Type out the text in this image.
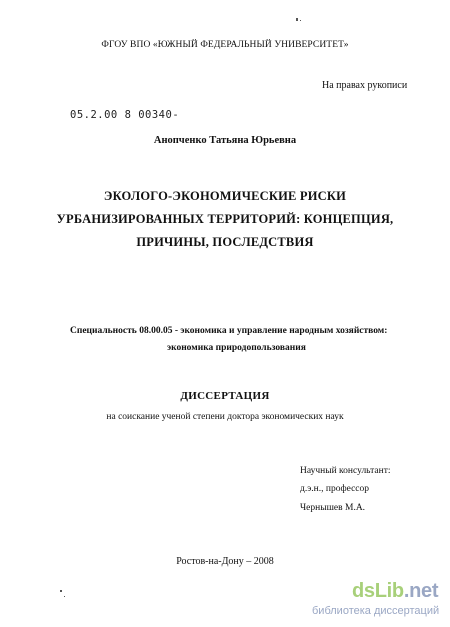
ФГОУ ВПО «ЮЖНЫЙ ФЕДЕРАЛЬНЫЙ УНИВЕРСИТЕТ»
На правах рукописи
05.2.00 8 00340-
Анопченко Татьяна Юрьевна
ЭКОЛОГО-ЭКОНОМИЧЕСКИЕ РИСКИ
УРБАНИЗИРОВАННЫХ ТЕРРИТОРИЙ: КОНЦЕПЦИЯ,
ПРИЧИНЫ, ПОСЛЕДСТВИЯ
Специальность 08.00.05 - экономика и управление народным хозяйством:
экономика природопользования
ДИССЕРТАЦИЯ
на соискание ученой степени доктора экономических наук
Научный консультант:
д.э.н., профессор
Чернышев М.А.
Ростов-на-Дону – 2008
dsLib.net
библиотека диссертаций
